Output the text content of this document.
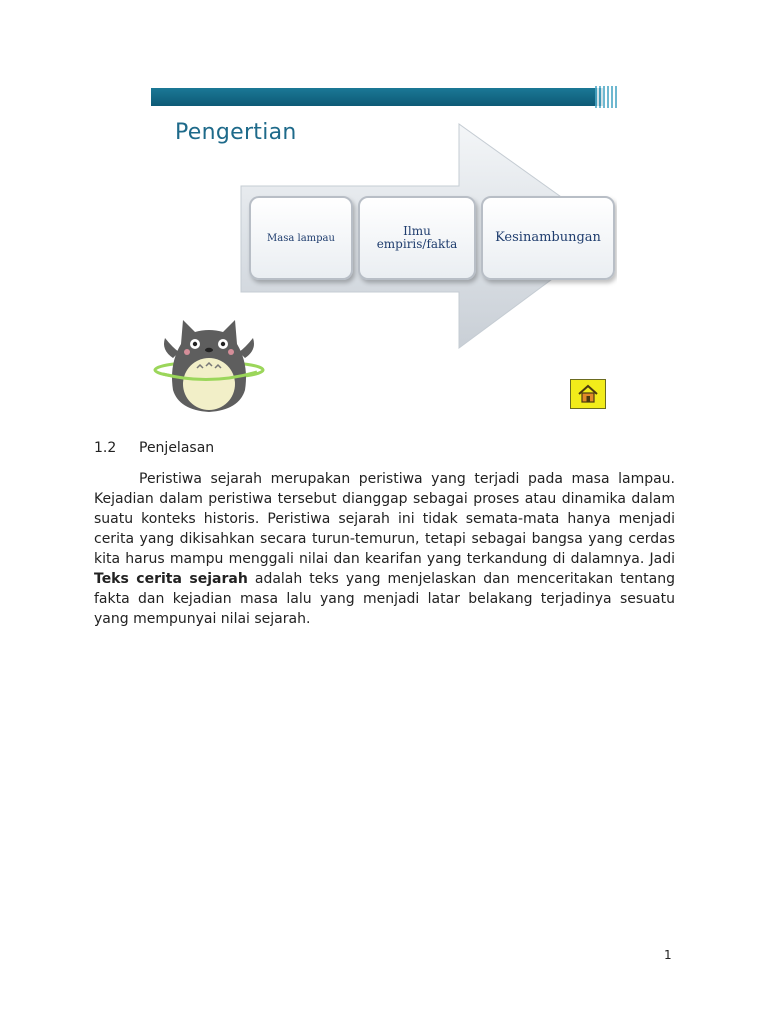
Pengertian
Masa lampau
Ilmu
empiris/fakta	Kesinambungan
1.2 Penjelasan
Peristiwa sejarah merupakan peristiwa yang terjadi pada masa lampau. Kejadian dalam peristiwa tersebut dianggap sebagai proses atau dinamika dalam suatu konteks historis. Peristiwa sejarah ini tidak semata-mata hanya menjadi cerita yang dikisahkan secara turun-temurun, tetapi sebagai bangsa yang cerdas kita harus mampu menggali nilai dan kearifan yang terkandung di dalamnya. Jadi Teks cerita sejarah adalah teks yang menjelaskan dan menceritakan tentang fakta dan kejadian masa lalu yang menjadi latar belakang terjadinya sesuatu yang mempunyai nilai sejarah.
1
